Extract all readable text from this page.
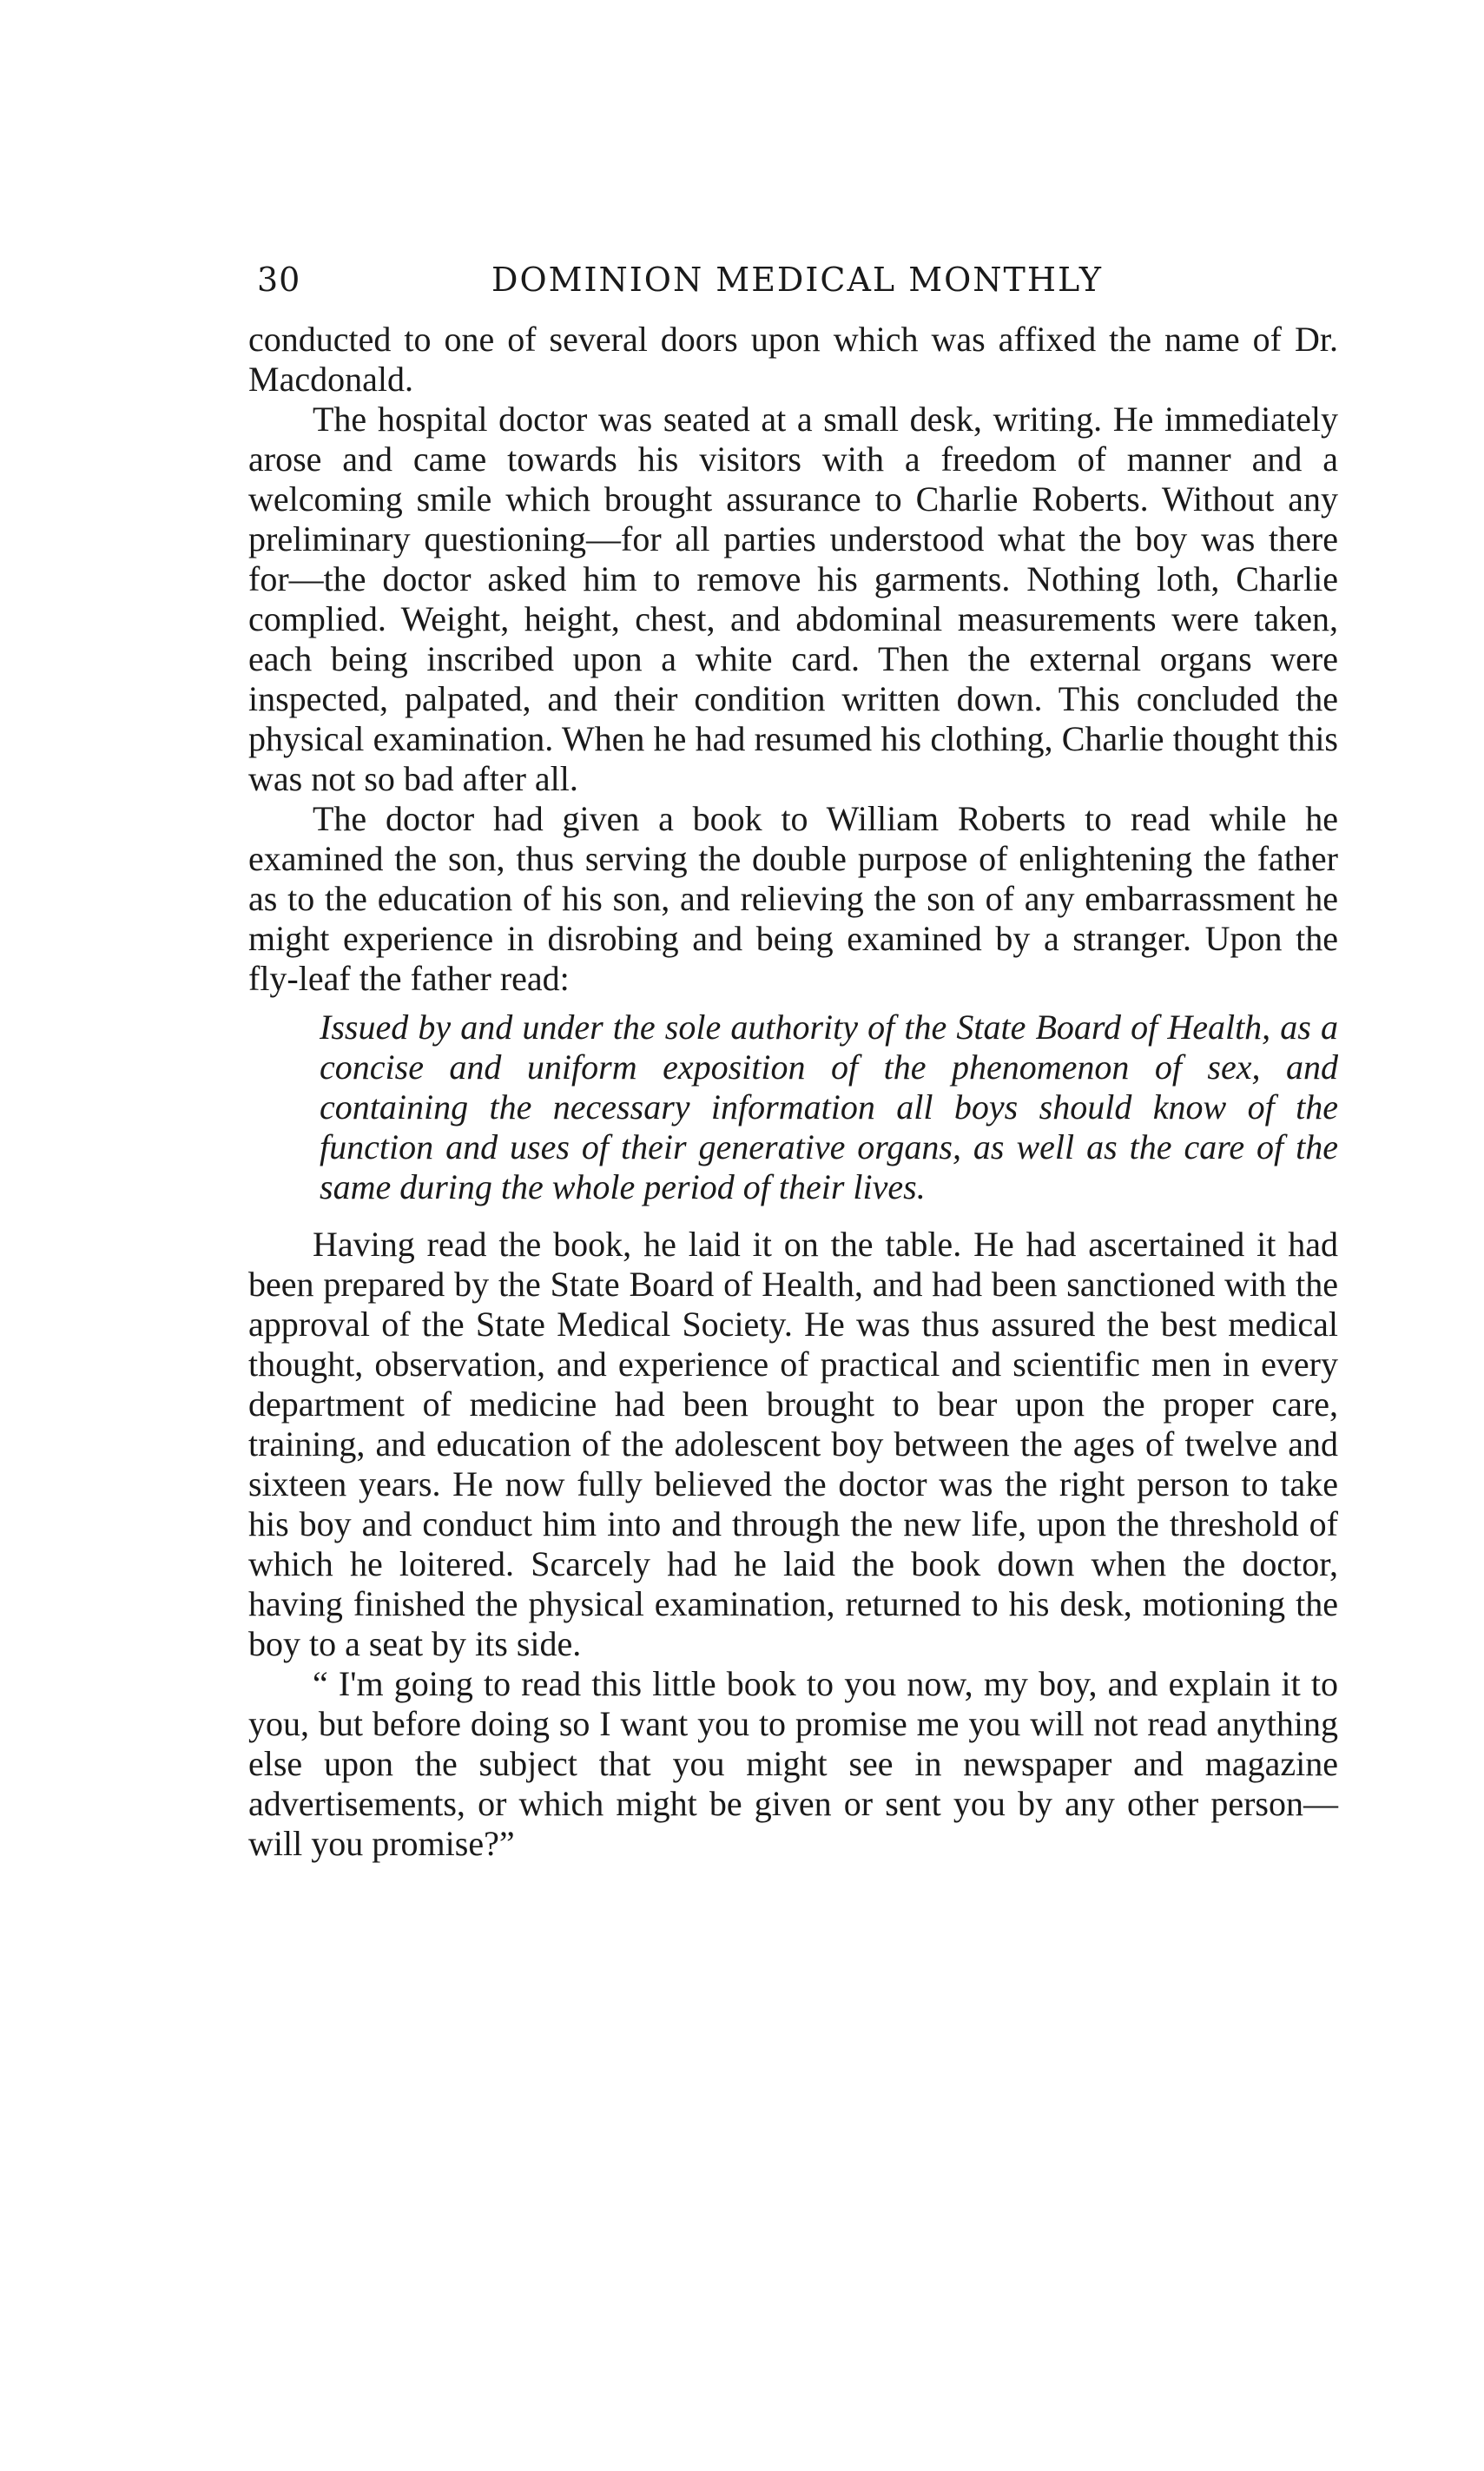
30	DOMINION MEDICAL MONTHLY

conducted to one of several doors upon which was affixed the name of Dr. Macdonald.

The hospital doctor was seated at a small desk, writing. He immediately arose and came towards his visitors with a freedom of manner and a welcoming smile which brought assurance to Charlie Roberts. Without any preliminary questioning—for all parties understood what the boy was there for—the doctor asked him to remove his garments. Nothing loth, Charlie complied. Weight, height, chest, and abdominal measurements were taken, each being inscribed upon a white card. Then the external organs were inspected, palpated, and their condition written down. This concluded the physical examination. When he had resumed his clothing, Charlie thought this was not so bad after all.

The doctor had given a book to William Roberts to read while he examined the son, thus serving the double purpose of enlightening the father as to the education of his son, and relieving the son of any embarrassment he might experience in disrobing and being examined by a stranger. Upon the fly-leaf the father read:

Issued by and under the sole authority of the State Board of Health, as a concise and uniform exposition of the phenomenon of sex, and containing the necessary information all boys should know of the function and uses of their generative organs, as well as the care of the same during the whole period of their lives.

Having read the book, he laid it on the table. He had ascertained it had been prepared by the State Board of Health, and had been sanctioned with the approval of the State Medical Society. He was thus assured the best medical thought, observation, and experience of practical and scientific men in every department of medicine had been brought to bear upon the proper care, training, and education of the adolescent boy between the ages of twelve and sixteen years. He now fully believed the doctor was the right person to take his boy and conduct him into and through the new life, upon the threshold of which he loitered. Scarcely had he laid the book down when the doctor, having finished the physical examination, returned to his desk, motioning the boy to a seat by its side.

“ I'm going to read this little book to you now, my boy, and explain it to you, but before doing so I want you to promise me you will not read anything else upon the subject that you might see in newspaper and magazine advertisements, or which might be given or sent you by any other person—will you promise?”
